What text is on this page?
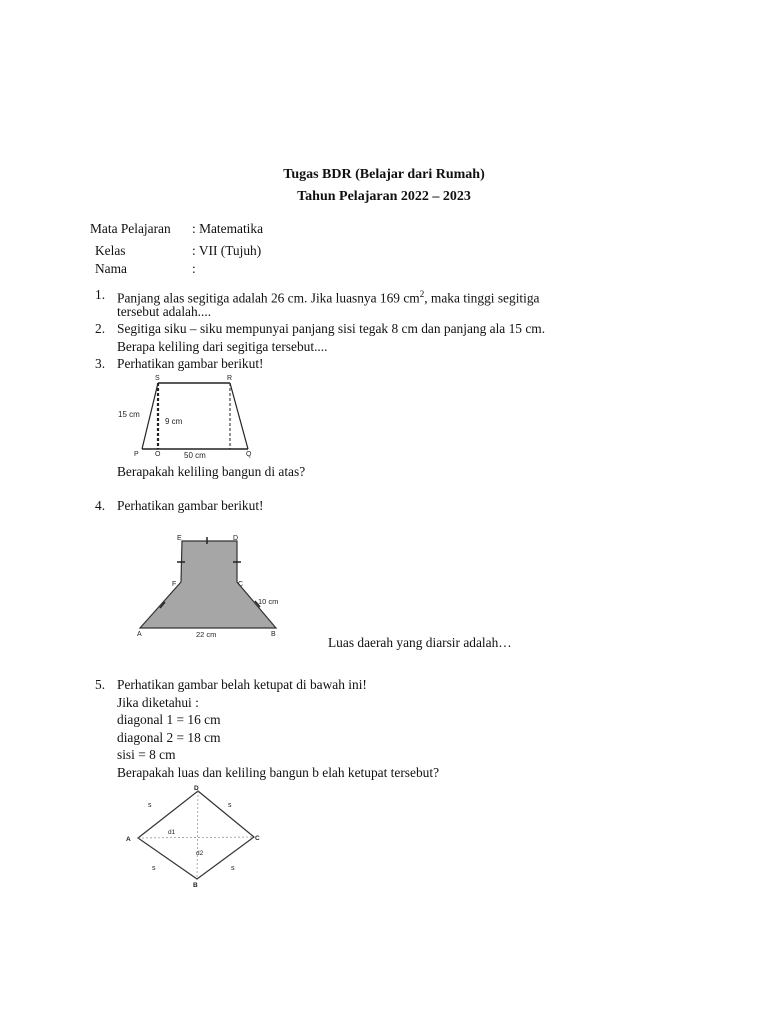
Tugas BDR (Belajar dari Rumah)
Tahun Pelajaran 2022 – 2023
Mata Pelajaran : Matematika
Kelas	: VII (Tujuh)
Nama	:
1. Panjang alas segitiga adalah 26 cm. Jika luasnya 169 $cm^2$, maka tinggi segitiga
tersebut adalah....
2. Segitiga siku – siku mempunyai panjang sisi tegak 8 cm dan panjang ala 15 cm.
Berapa keliling dari segitiga tersebut....
3. Perhatikan gambar berikut!
S	R
P O	Q
15 cm
9 cm
50 cm
Berapakah keliling bangun di atas?
4. Perhatikan gambar berikut!
E	D
F	C
A	B
10 cm
22 cm
Luas daerah yang diarsir adalah…
5. Perhatikan gambar belah ketupat di bawah ini!
Jika diketahui :
diagonal 1 = 16 cm
diagonal 2 = 18 cm
sisi = 8 cm
Berapakah luas dan keliling bangun b elah ketupat tersebut?
D
A	C
B
s	s
s	s
d1
d2
